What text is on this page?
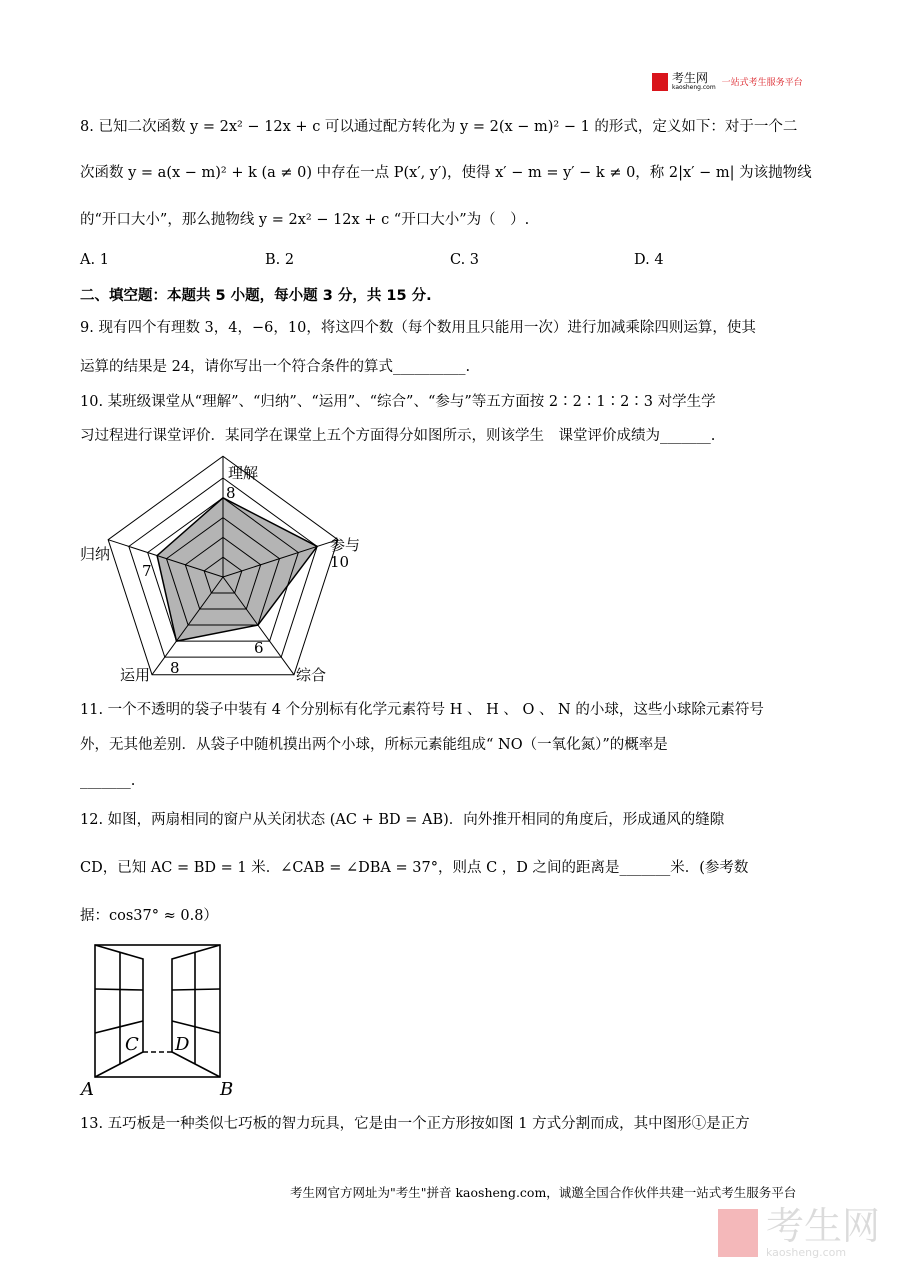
考生网
kaosheng.com 一站式考生服务平台
8. 已知二次函数 y = 2x² − 12x + c 可以通过配方转化为 y = 2(x − m)² − 1 的形式，定义如下：对于一个二
次函数 y = a(x − m)² + k (a ≠ 0) 中存在一点 P(x′, y′)，使得 x′ − m = y′ − k ≠ 0，称 2|x′ − m| 为该抛物线
的“开口大小”，那么抛物线 y = 2x² − 12x + c “开口大小”为（　）.
A. 1	B. 2	C. 3	D. 4
二、填空题：本题共 5 小题，每小题 3 分，共 15 分.
9. 现有四个有理数 3，4，−6，10，将这四个数（每个数用且只能用一次）进行加减乘除四则运算，使其
运算的结果是 24，请你写出一个符合条件的算式__________.
10. 某班级课堂从“理解”、“归纳”、“运用”、“综合”、“参与”等五方面按 2∶2∶1∶2∶3 对学生学
习过程进行课堂评价．某同学在课堂上五个方面得分如图所示，则该学生　课堂评价成绩为_______.
理解
参与
综合
运用
归纳
8
10
6
8
7
11. 一个不透明的袋子中装有 4 个分别标有化学元素符号 H 、 H 、 O 、 N 的小球，这些小球除元素符号
外，无其他差别．从袋子中随机摸出两个小球，所标元素能组成“ NO（一氧化氮）”的概率是
_______.
12. 如图，两扇相同的窗户从关闭状态 (AC + BD = AB)．向外推开相同的角度后，形成通风的缝隙
CD，已知 AC = BD = 1 米．∠CAB = ∠DBA = 37°，则点 C ，D 之间的距离是_______米．(参考数
据：cos37° ≈ 0.8）
A	B
C D
13. 五巧板是一种类似七巧板的智力玩具，它是由一个正方形按如图 1 方式分割而成，其中图形①是正方
考生网官方网址为"考生"拼音 kaosheng.com，诚邀全国合作伙伴共建一站式考生服务平台
考生网
kaosheng.com
